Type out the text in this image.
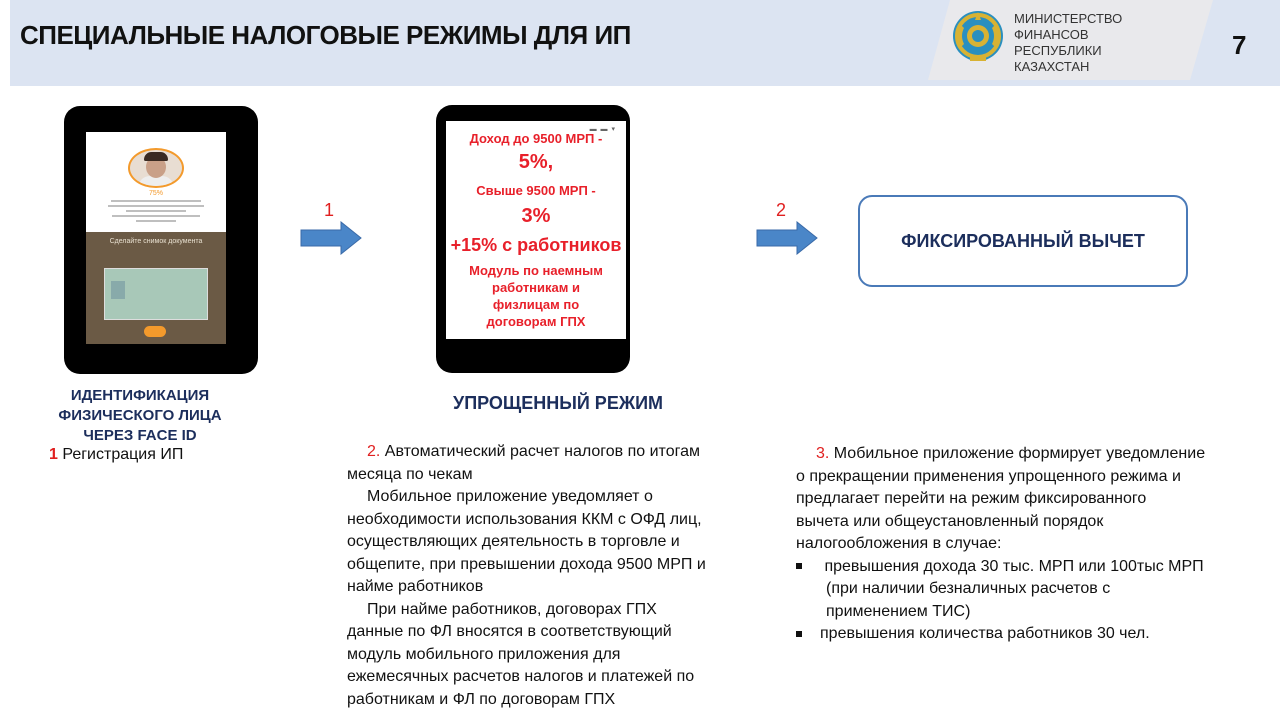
СПЕЦИАЛЬНЫЕ НАЛОГОВЫЕ РЕЖИМЫ ДЛЯ ИП
МИНИСТЕРСТВО
ФИНАНСОВ
РЕСПУБЛИКИ
КАЗАХСТАН
7
75%
Сделайте снимок документа
▬ ▬ ▾
Доход до 9500 МРП -
5%,
Свыше 9500 МРП -
3%
+15% с работников
Модуль по наемным
работникам и
физлицам по
договорам ГПХ
1	2
ФИКСИРОВАННЫЙ ВЫЧЕТ
ИДЕНТИФИКАЦИЯ
ФИЗИЧЕСКОГО ЛИЦА
ЧЕРЕЗ FACE ID
1 Регистрация ИП
УПРОЩЕННЫЙ РЕЖИМ
2. Автоматический расчет налогов по итогам
месяца по чекам
Мобильное приложение уведомляет о
необходимости использования ККМ с ОФД лиц,
осуществляющих деятельность в торговле и
общепите, при превышении дохода 9500 МРП и
найме работников
При найме работников, договорах ГПХ
данные по ФЛ вносятся в соответствующий
модуль мобильного приложения для
ежемесячных расчетов налогов и платежей по
работникам и ФЛ по договорам ГПХ
3. Мобильное приложение формирует уведомление
о прекращении применения упрощенного режима и
предлагает перейти на режим фиксированного
вычета или общеустановленный порядок
налогообложения в случае:
превышения дохода 30 тыс. МРП или 100тыс МРП
(при наличии безналичных расчетов с
применением ТИС)
превышения количества работников 30 чел.
